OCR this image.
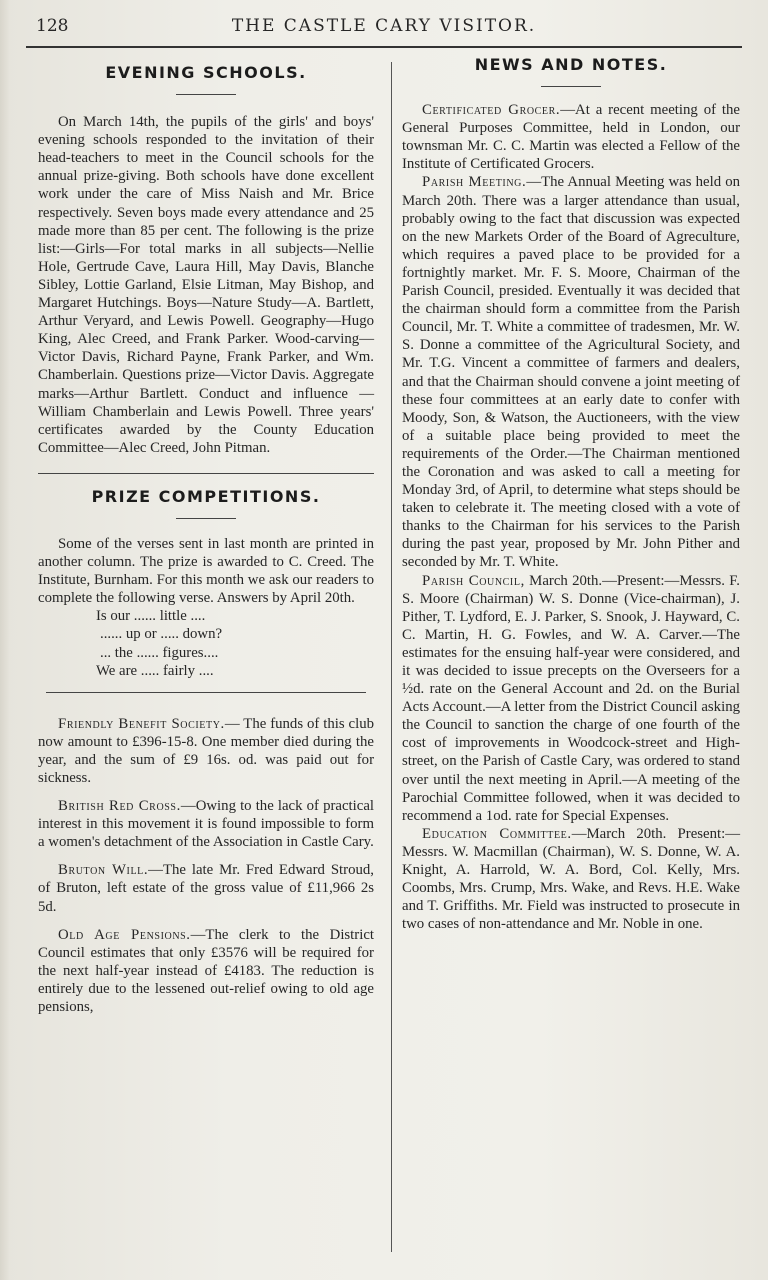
128	THE CASTLE CARY VISITOR.
EVENING SCHOOLS.

On March 14th, the pupils of the girls' and boys' evening schools responded to the invitation of their head-teachers to meet in the Council schools for the annual prize-giving. Both schools have done excellent work under the care of Miss Naish and Mr. Brice respectively. Seven boys made every attendance and 25 made more than 85 per cent. The following is the prize list:—Girls—For total marks in all subjects—Nellie Hole, Gertrude Cave, Laura Hill, May Davis, Blanche Sibley, Lottie Garland, Elsie Litman, May Bishop, and Margaret Hutchings. Boys—Nature Study—A. Bartlett, Arthur Veryard, and Lewis Powell. Geography—Hugo King, Alec Creed, and Frank Parker. Wood-carving—Victor Davis, Richard Payne, Frank Parker, and Wm. Chamberlain. Questions prize—Victor Davis. Aggregate marks—Arthur Bartlett. Conduct and influence — William Chamberlain and Lewis Powell. Three years' certificates awarded by the County Education Committee—Alec Creed, John Pitman.

PRIZE COMPETITIONS.

Some of the verses sent in last month are printed in another column. The prize is awarded to C. Creed. The Institute, Burnham. For this month we ask our readers to complete the following verse. Answers by April 20th.

Is our ...... little ....
...... up or ..... down?
... the ...... figures....
We are ..... fairly ....

Friendly Benefit Society.— The funds of this club now amount to £396-15-8. One member died during the year, and the sum of £9 16s. od. was paid out for sickness.

British Red Cross.—Owing to the lack of practical interest in this movement it is found impossible to form a women's detachment of the Association in Castle Cary.

Bruton Will.—The late Mr. Fred Edward Stroud, of Bruton, left estate of the gross value of £11,966 2s 5d.

Old Age Pensions.—The clerk to the District Council estimates that only £3576 will be required for the next half-year instead of £4183. The reduction is entirely due to the lessened out-relief owing to old age pensions,

NEWS AND NOTES.

Certificated Grocer.—At a recent meeting of the General Purposes Committee, held in London, our townsman Mr. C. C. Martin was elected a Fellow of the Institute of Certificated Grocers.

Parish Meeting.—The Annual Meeting was held on March 20th. There was a larger attendance than usual, probably owing to the fact that discussion was expected on the new Markets Order of the Board of Agreculture, which requires a paved place to be provided for a fortnightly market. Mr. F. S. Moore, Chairman of the Parish Council, presided. Eventually it was decided that the chairman should form a committee from the Parish Council, Mr. T. White a committee of tradesmen, Mr. W. S. Donne a committee of the Agricultural Society, and Mr. T.G. Vincent a committee of farmers and dealers, and that the Chairman should convene a joint meeting of these four committees at an early date to confer with Moody, Son, & Watson, the Auctioneers, with the view of a suitable place being provided to meet the requirements of the Order.—The Chairman mentioned the Coronation and was asked to call a meeting for Monday 3rd, of April, to determine what steps should be taken to celebrate it. The meeting closed with a vote of thanks to the Chairman for his services to the Parish during the past year, proposed by Mr. John Pither and seconded by Mr. T. White.

Parish Council, March 20th.—Present:—Messrs. F. S. Moore (Chairman) W. S. Donne (Vice-chairman), J. Pither, T. Lydford, E. J. Parker, S. Snook, J. Hayward, C. C. Martin, H. G. Fowles, and W. A. Carver.—The estimates for the ensuing half-year were considered, and it was decided to issue precepts on the Overseers for a ½d. rate on the General Account and 2d. on the Burial Acts Account.—A letter from the District Council asking the Council to sanction the charge of one fourth of the cost of improvements in Woodcock-street and High-street, on the Parish of Castle Cary, was ordered to stand over until the next meeting in April.—A meeting of the Parochial Committee followed, when it was decided to recommend a 1od. rate for Special Expenses.

Education Committee.—March 20th. Present:—Messrs. W. Macmillan (Chairman), W. S. Donne, W. A. Knight, A. Harrold, W. A. Bord, Col. Kelly, Mrs. Coombs, Mrs. Crump, Mrs. Wake, and Revs. H.E. Wake and T. Griffiths. Mr. Field was instructed to prosecute in two cases of non-attendance and Mr. Noble in one.
